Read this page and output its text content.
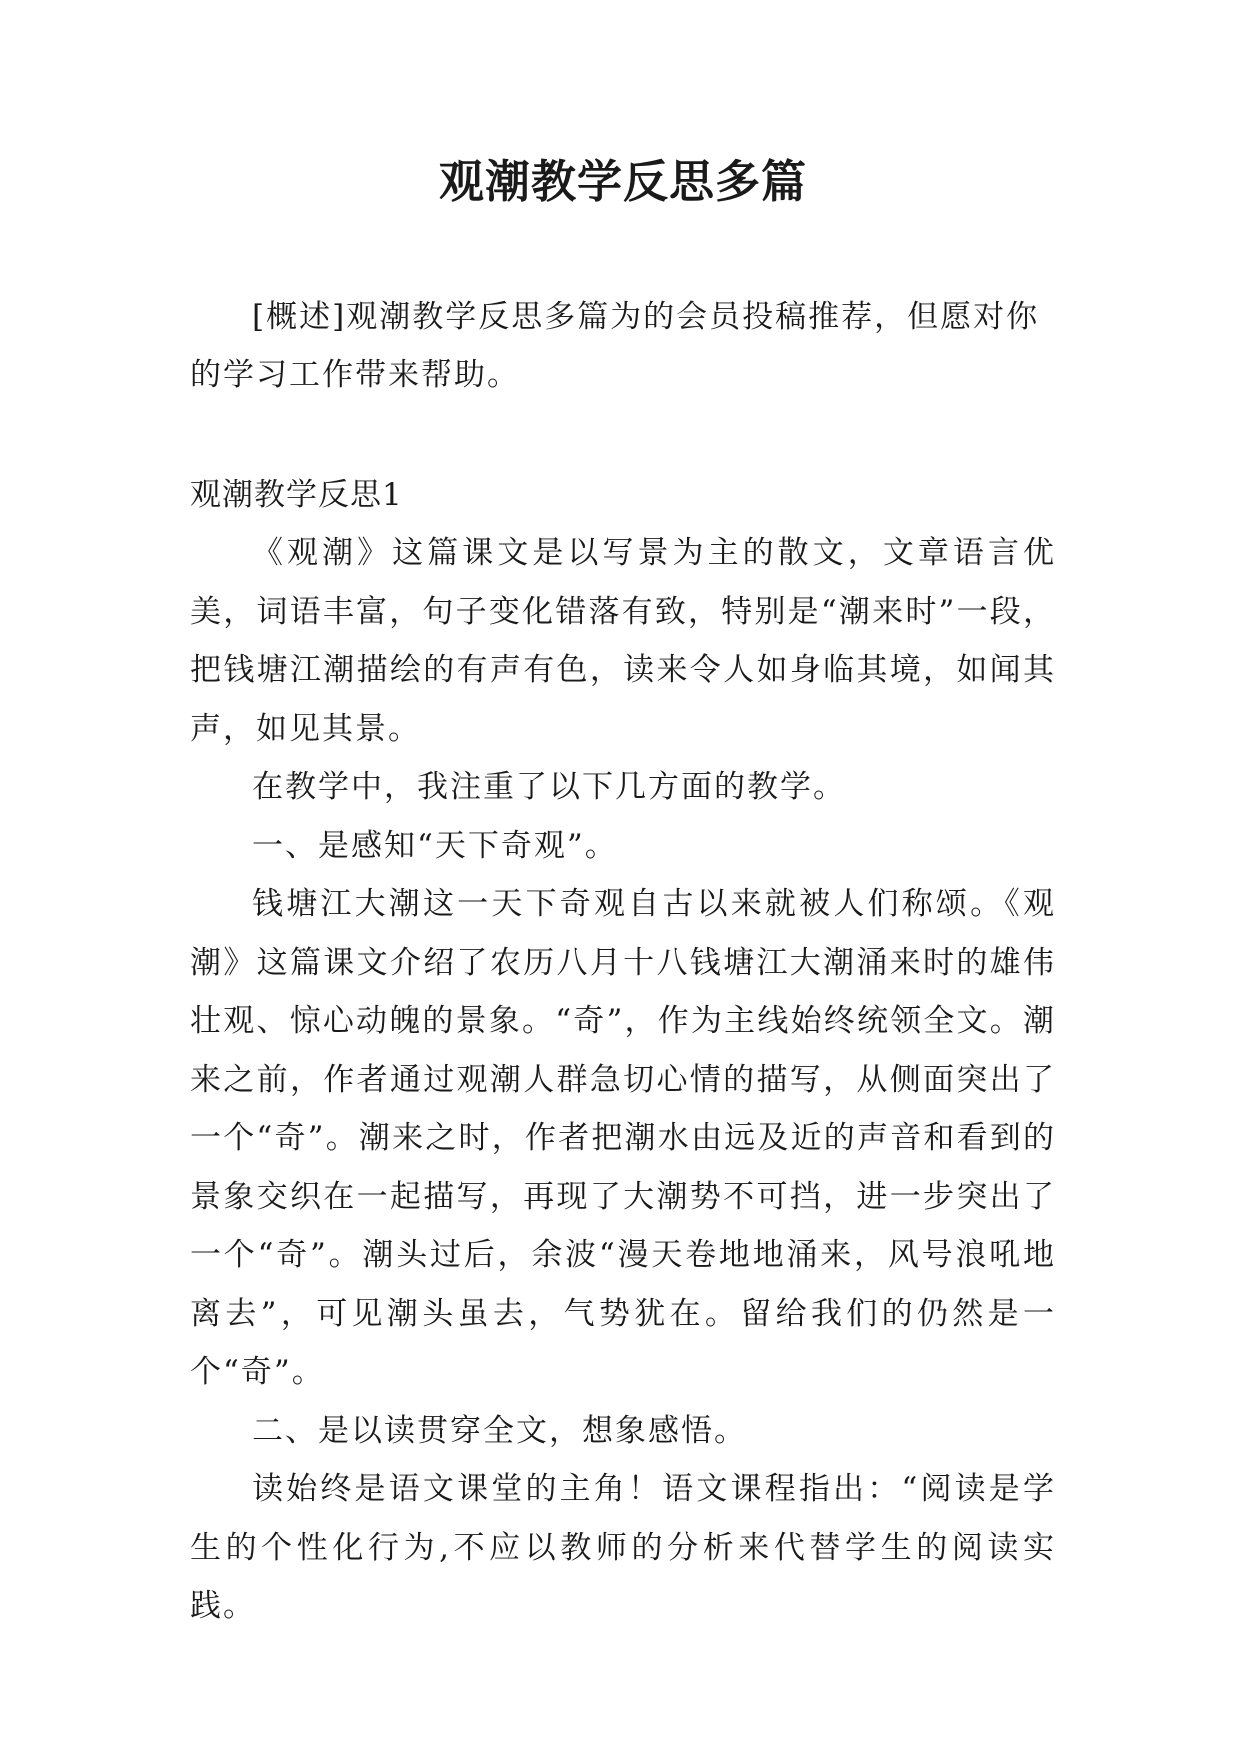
观潮教学反思多篇
[概述]观潮教学反思多篇为的会员投稿推荐，但愿对你的学习工作带来帮助。
观潮教学反思1

《观潮》这篇课文是以写景为主的散文，文章语言优美，词语丰富，句子变化错落有致，特别是“潮来时”一段，把钱塘江潮描绘的有声有色，读来令人如身临其境，如闻其声，如见其景。

在教学中，我注重了以下几方面的教学。

一、是感知“天下奇观”。

钱塘江大潮这一天下奇观自古以来就被人们称颂。《观潮》这篇课文介绍了农历八月十八钱塘江大潮涌来时的雄伟壮观、惊心动魄的景象。“奇”，作为主线始终统领全文。潮来之前，作者通过观潮人群急切心情的描写，从侧面突出了一个“奇”。潮来之时，作者把潮水由远及近的声音和看到的景象交织在一起描写，再现了大潮势不可挡，进一步突出了一个“奇”。潮头过后，余波“漫天卷地地涌来，风号浪吼地离去”，可见潮头虽去，气势犹在。留给我们的仍然是一个“奇”。

二、是以读贯穿全文，想象感悟。

读始终是语文课堂的主角！语文课程指出：“阅读是学生的个性化行为,不应以教师的分析来代替学生的阅读实践。
